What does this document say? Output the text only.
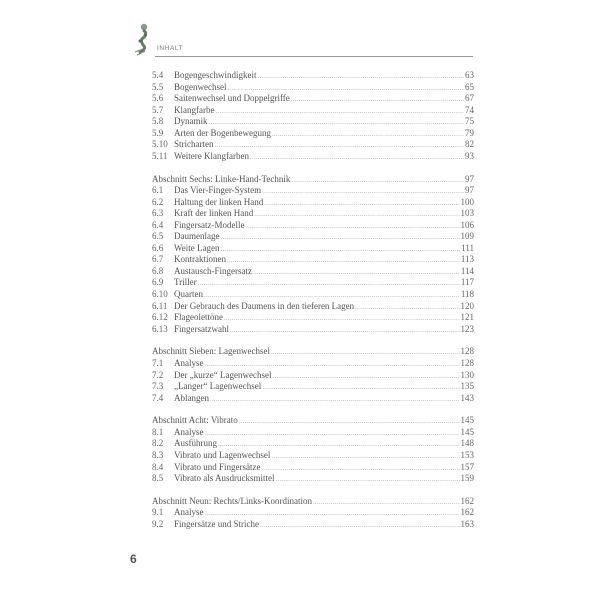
INHALT
5.4	Bogengeschwindigkeit .....	63
5.5	Bogenwechsel .....	65
5.6	Saitenwechsel und Doppelgriffe .....	67
5.7	Klangfarbe .....	74
5.8	Dynamik .....	75
5.9	Arten der Bogenbewegung .....	79
5.10 Stricharten .....	82
5.11 Weitere Klangfarben .....	93
Abschnitt Sechs: Linke-Hand-Technik .....	97
6.1	Das Vier-Finger-System .....	97
6.2	Haltung der linken Hand .....	100
6.3	Kraft der linken Hand .....	103
6.4	Fingersatz-Modelle .....	106
6.5	Daumenlage .....	109
6.6	Weite Lagen .....	111
6.7	Kontraktionen .....	113
6.8	Austausch-Fingersatz .....	114
6.9	Triller .....	117
6.10 Quarten .....	118
6.11 Der Gebrauch des Daumens in den tieferen Lagen .....	120
6.12 Flageolettöne .....	121
6.13 Fingersatzwahl .....	123
Abschnitt Sieben: Lagenwechsel .....	128
7.1	Analyse .....	128
7.2	Der „kurze“ Lagenwechsel .....	130
7.3	„Langer“ Lagenwechsel .....	135
7.4	Ablangen .....	143
Abschnitt Acht: Vibrato .....	145
8.1	Analyse .....	145
8.2	Ausführung .....	148
8.3	Vibrato und Lagenwechsel .....	153
8.4	Vibrato und Fingersätze .....	157
8.5	Vibrato als Ausdrucksmittel .....	159
Abschnitt Neun: Rechts/Links-Koordination .....	162
9.1	Analyse .....	162
9.2	Fingersätze und Striche .....	163
6
